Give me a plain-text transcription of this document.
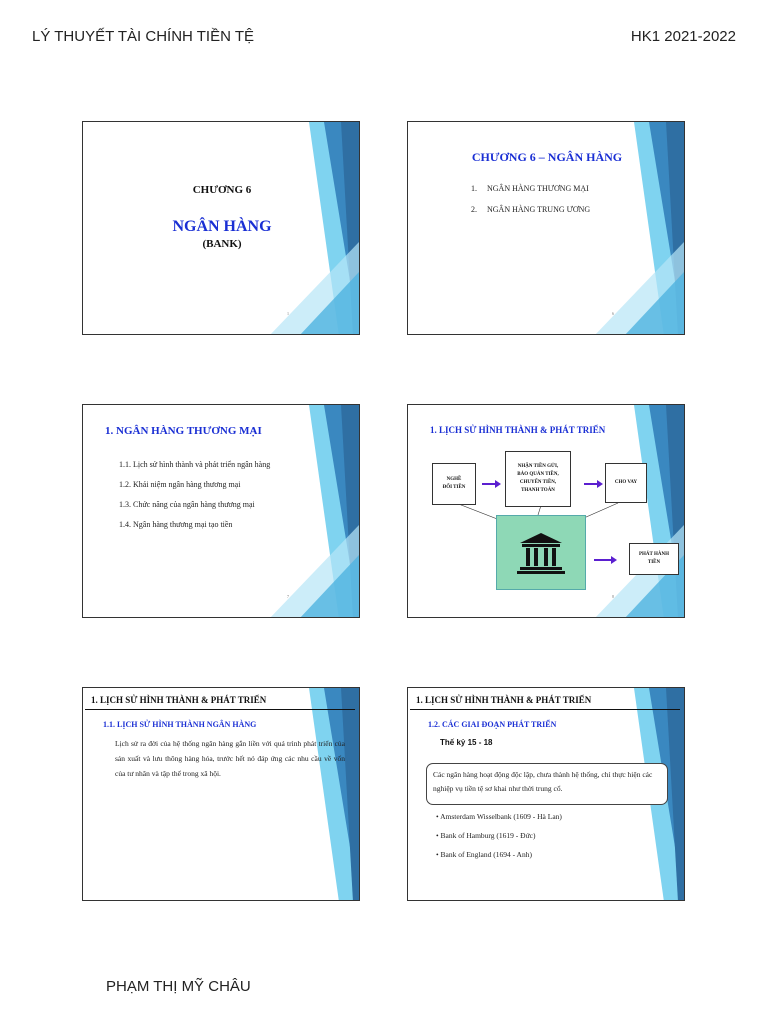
LÝ THUYẾT TÀI CHÍNH TIỀN TỆ	HK1 2021-2022
CHƯƠNG 6
NGÂN HÀNG
(BANK)
1
CHƯƠNG 6 – NGÂN HÀNG
1. NGÂN HÀNG THƯƠNG MẠI
2. NGÂN HÀNG TRUNG ƯƠNG
6
1. NGÂN HÀNG THƯƠNG MẠI
1.1. Lịch sử hình thành và phát triển ngân hàng
1.2. Khái niệm ngân hàng thương mại
1.3. Chức năng của ngân hàng thương mại
1.4. Ngân hàng thương mại tạo tiền
7
1. LỊCH SỬ HÌNH THÀNH & PHÁT TRIỂN
NGHỀ
ĐỔI TIỀN
NHẬN TIỀN GỬI,
BẢO QUẢN TIỀN,
CHUYỂN TIỀN,
THANH TOÁN
CHO VAY
PHÁT HÀNH
TIỀN
8
1. LỊCH SỬ HÌNH THÀNH & PHÁT TRIỂN
1.1. LỊCH SỬ HÌNH THÀNH NGÂN HÀNG

Lịch sử ra đời của hệ thống ngân hàng gắn liền với quá trình phát triển của sản xuất và lưu thông hàng hóa, trước hết nó đáp ứng các nhu cầu về vốn của tư nhân và tập thể trong xã hội.

1. LỊCH SỬ HÌNH THÀNH & PHÁT TRIỂN
1.2. CÁC GIAI ĐOẠN PHÁT TRIỂN
Thế kỷ 15 - 18
Các ngân hàng hoạt động độc lập, chưa thành hệ thống, chỉ thực hiện các nghiệp vụ tiền tệ sơ khai như thời trung cổ.
• Amsterdam Wisselbank (1609 - Hà Lan)
• Bank of Hamburg (1619 - Đức)
• Bank of England (1694 - Anh)
PHẠM THỊ MỸ CHÂU
